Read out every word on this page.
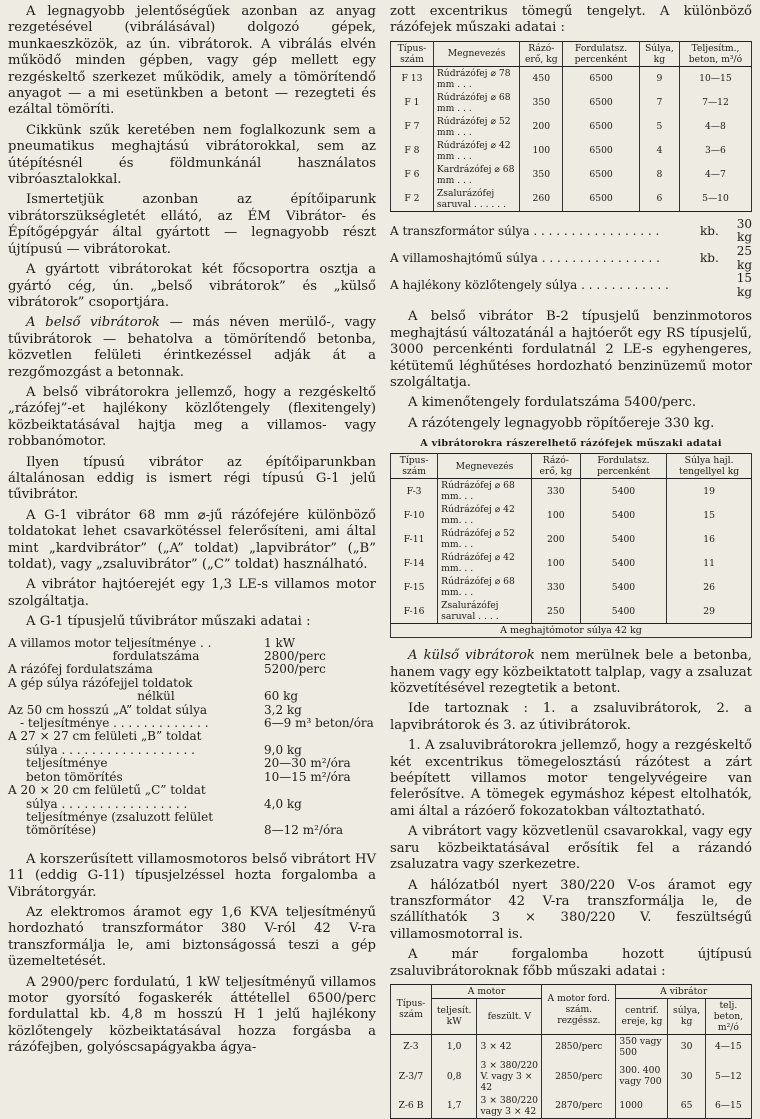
A legnagyobb jelentőségűek azonban az anyag rezgetésével (vibrálásával) dolgozó gépek, munkaeszközök, az ún. vibrátorok. A vibrálás elvén működő minden gépben, vagy gép mellett egy rezgéskeltő szerkezet működik, amely a tömörítendő anyagot — a mi esetünkben a betont — rezegteti és ezáltal tömöríti.

Cikkünk szűk keretében nem foglalkozunk sem a pneumatikus meghajtású vibrátorokkal, sem az útépítésnél és földmunkánál használatos vibróasztalokkal.

Ismertetjük azonban az építőiparunk vibrátorszükségletét ellátó, az ÉM Vibrátor- és Építőgépgyár által gyártott — legnagyobb részt újtípusú — vibrátorokat.

A gyártott vibrátorokat két főcsoportra osztja a gyártó cég, ún. „belső vibrátorok” és „külső vibrátorok” csoportjára.

A belső vibrátorok — más néven merülő-, vagy tűvibrátorok — behatolva a tömörítendő betonba, közvetlen felületi érintkezéssel adják át a rezgőmozgást a betonnak.

A belső vibrátorokra jellemző, hogy a rezgéskeltő „rázófej”-et hajlékony közlőtengely (flexitengely) közbeiktatásával hajtja meg a villamos- vagy robbanómotor.

Ilyen típusú vibrátor az építőiparunkban általánosan eddig is ismert régi típusú G-1 jelű tűvibrátor.

A G-1 vibrátor 68 mm ⌀-jű rázófejére különböző toldatokat lehet csavarkötéssel felerősíteni, ami által mint „kardvibrátor” („A” toldat) „lapvibrátor” („B” toldat), vagy „zsaluvibrátor” („C” toldat) használható.

A vibrátor hajtóerejét egy 1,3 LE-s villamos motor szolgáltatja.

A G-1 típusjelű tűvibrátor műszaki adatai :

A villamos motor teljesítménye . .	1 kW
fordulatszáma	2800/perc
A rázófej fordulatszáma	5200/perc
A gép súlya rázófejjel toldatok	
nélkül	60 kg
Az 50 cm hosszú „A” toldat súlya	3,2 kg
- teljesítménye . . . . . . . . . . . . .	6—9 m³ beton/óra
A 27 × 27 cm felületi „B” toldat	
súlya . . . . . . . . . . . . . . . . . .	9,0 kg
teljesítménye	20—30 m²/óra
beton tömörítés	10—15 m²/óra
A 20 × 20 cm felületű „C” toldat	
súlya . . . . . . . . . . . . . . . . .	4,0 kg
teljesítménye (zsaluzott felület tömörítése)	8—12 m²/óra

A korszerűsített villamosmotoros belső vibrátort HV 11 (eddig G-11) típusjelzéssel hozta forgalomba a Vibrátorgyár.

Az elektromos áramot egy 1,6 KVA teljesítményű hordozható transzformátor 380 V-ról 42 V-ra transzformálja le, ami biztonságossá teszi a gép üzemeltetését.

A 2900/perc fordulatú, 1 kW teljesítményű villamos motor gyorsító fogaskerék áttétellel 6500/perc fordulattal kb. 4,8 m hosszú H 1 jelű hajlékony közlőtengely közbeiktatásával hozza forgásba a rázófejben, golyóscsapágyakba ágya-

zott excentrikus tömegű tengelyt. A különböző rázófejek műszaki adatai :

Típus-szám	Megnevezés	Rázó-erő, kg	Fordulatsz. percenként	Súlya, kg	Teljesítm., beton, m³/ó
F 13	Rúdrázófej ⌀ 78 mm . . .	450	6500	9	10—15
F 1	Rúdrázófej ⌀ 68 mm . . .	350	6500	7	7—12
F 7	Rúdrázófej ⌀ 52 mm . . .	200	6500	5	4—8
F 8	Rúdrázófej ⌀ 42 mm . . .	100	6500	4	3—6
F 6	Kardrázófej ⌀ 68 mm . . .	350	6500	8	4—7
F 2	Zsalurázófej saruval . . . . . .	260	6500	6	5—10
A transzformátor súlya . . . . . . . . . . . . . . . . .	kb.	30 kg
A villamoshajtómű súlya . . . . . . . . . . . . . . . .	kb.	25 kg
A hajlékony közlőtengely súlya . . . . . . . . . . . .		15 kg

A belső vibrátor B-2 típusjelű benzinmotoros meghajtású változatánál a hajtóerőt egy RS típusjelű, 3000 percenkénti fordulatnál 2 LE-s egyhengeres, kétütemű léghűtéses hordozható benzinüzemű motor szolgáltatja.

A kimenőtengely fordulatszáma 5400/perc.

A rázótengely legnagyobb röpítőereje 330 kg.

A vibrátorokra rászerelhető rázófejek műszaki adatai
Típus-szám	Megnevezés	Rázó-erő, kg	Fordulatsz. percenként	Súlya hajl. tengellyel kg
F-3	Rúdrázófej ⌀ 68 mm. . .	330	5400	19
F-10	Rúdrázófej ⌀ 42 mm. . .	100	5400	15
F-11	Rúdrázófej ⌀ 52 mm. . .	200	5400	16
F-14	Rúdrázófej ⌀ 42 mm. . .	100	5400	11
F-15	Rúdrázófej ⌀ 68 mm. . .	330	5400	26
F-16	Zsalurázófej saruval . . . .	250	5400	29
A meghajtómotor súlya 42 kg

A külső vibrátorok nem merülnek bele a betonba, hanem vagy egy közbeiktatott talplap, vagy a zsaluzat közvetítésével rezegtetik a betont.

Ide tartoznak : 1. a zsaluvibrátorok, 2. a lapvibrátorok és 3. az útivibrátorok.

1. A zsaluvibrátorokra jellemző, hogy a rezgéskeltő két excentrikus tömegelosztású rázótest a zárt beépített villamos motor tengelyvégeire van felerősítve. A tömegek egymáshoz képest eltolhatók, ami által a rázóerő fokozatokban változtatható.

A vibrátort vagy közvetlenül csavarokkal, vagy egy saru közbeiktatásával erősítik fel a rázandó zsaluzatra vagy szerkezetre.

A hálózatból nyert 380/220 V-os áramot egy transzformátor 42 V-ra transzformálja le, de szállíthatók 3 × 380/220 V. feszültségű villamosmotorral is.

A már forgalomba hozott újtípusú zsaluvibrátoroknak főbb műszaki adatai :

Típus-szám	A motor		A motor ford. szám. rezgéssz.	A vibrátor		
	teljesít. kW	feszült. V		centrif. ereje, kg	súlya, kg	telj. beton, m²/ó
Z-3	1,0	3 × 42	2850/perc	350 vagy 500	30	4—15
Z-3/7	0,8	3 × 380/220 V. vagy 3 × 42	2850/perc	300. 400 vagy 700	30	5—12
Z-6 B	1,7	3 × 380/220 vagy 3 × 42	2870/perc	1000	65	6—15
